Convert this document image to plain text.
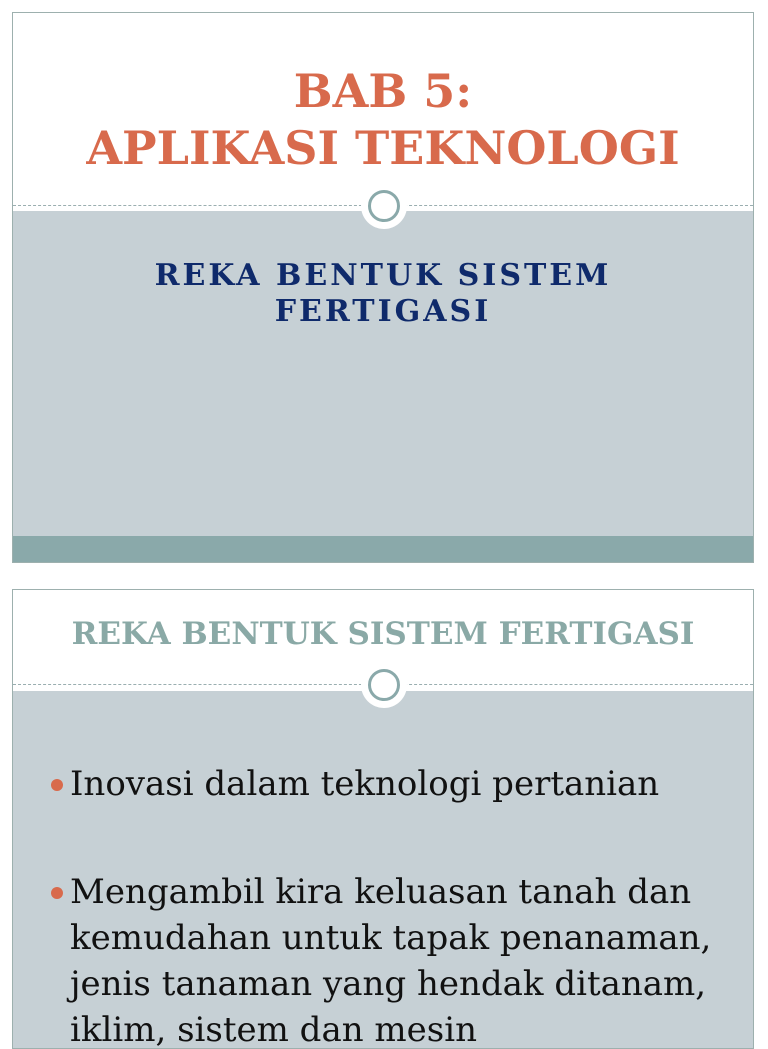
BAB 5:
APLIKASI TEKNOLOGI
REKA BENTUK SISTEM
FERTIGASI
REKA BENTUK SISTEM FERTIGASI
Inovasi dalam teknologi pertanian
Mengambil kira keluasan tanah dan kemudahan untuk tapak penanaman, jenis tanaman yang hendak ditanam, iklim, sistem dan mesin
